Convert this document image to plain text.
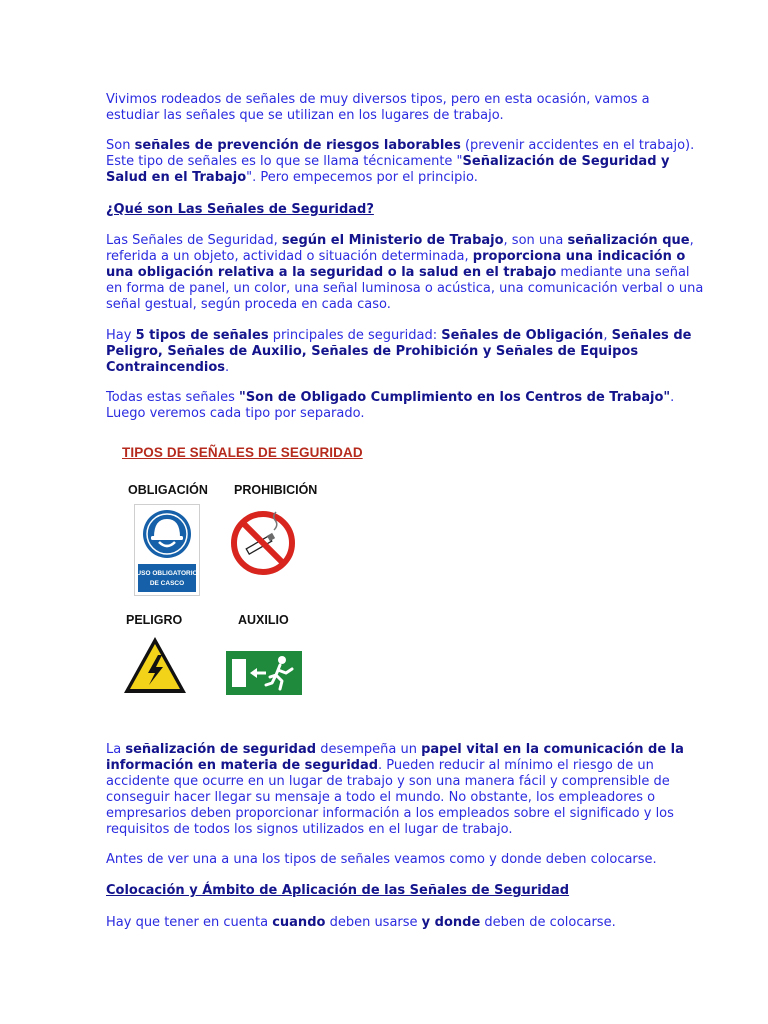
Vivimos rodeados de señales de muy diversos tipos, pero en esta ocasión, vamos a estudiar las señales que se utilizan en los lugares de trabajo.

Son señales de prevención de riesgos laborables (prevenir accidentes en el trabajo). Este tipo de señales es lo que se llama técnicamente "Señalización de Seguridad y Salud en el Trabajo". Pero empecemos por el principio.

¿Qué son Las Señales de Seguridad?

Las Señales de Seguridad, según el Ministerio de Trabajo, son una señalización que, referida a un objeto, actividad o situación determinada, proporciona una indicación o una obligación relativa a la seguridad o la salud en el trabajo mediante una señal en forma de panel, un color, una señal luminosa o acústica, una comunicación verbal o una señal gestual, según proceda en cada caso.

Hay 5 tipos de señales principales de seguridad: Señales de Obligación, Señales de Peligro, Señales de Auxilio, Señales de Prohibición y Señales de Equipos Contraincendios.

Todas estas señales "Son de Obligado Cumplimiento en los Centros de Trabajo". Luego veremos cada tipo por separado.

TIPOS DE SEÑALES DE SEGURIDAD
OBLIGACIÓN PROHIBICIÓN
USO OBLIGATORIO
DE CASCO
PELIGRO	AUXILIO

La señalización de seguridad desempeña un papel vital en la comunicación de la información en materia de seguridad. Pueden reducir al mínimo el riesgo de un accidente que ocurre en un lugar de trabajo y son una manera fácil y comprensible de conseguir hacer llegar su mensaje a todo el mundo. No obstante, los empleadores o empresarios deben proporcionar información a los empleados sobre el significado y los requisitos de todos los signos utilizados en el lugar de trabajo.

Antes de ver una a una los tipos de señales veamos como y donde deben colocarse.

Colocación y Ámbito de Aplicación de las Señales de Seguridad

Hay que tener en cuenta cuando deben usarse y donde deben de colocarse.
